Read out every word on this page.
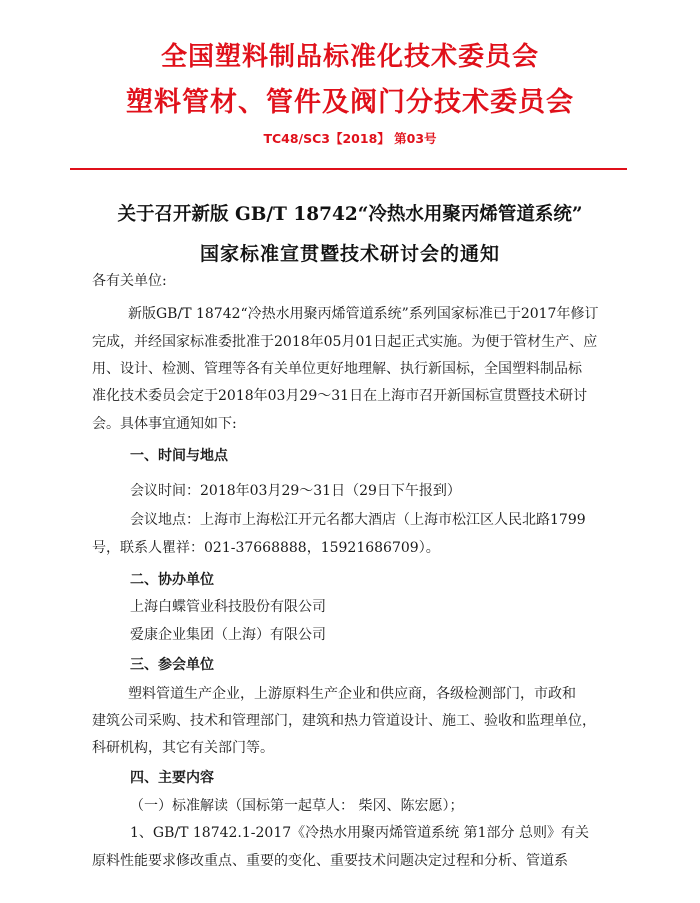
全国塑料制品标准化技术委员会
塑料管材、管件及阀门分技术委员会
TC48/SC3【2018】 第03号
关于召开新版 GB/T 18742“冷热水用聚丙烯管道系统”
国家标准宣贯暨技术研讨会的通知
各有关单位:
新版GB/T 18742“冷热水用聚丙烯管道系统”系列国家标准已于2017年修订
完成，并经国家标准委批准于2018年05月01日起正式实施。为便于管材生产、应
用、设计、检测、管理等各有关单位更好地理解、执行新国标，全国塑料制品标
准化技术委员会定于2018年03月29～31日在上海市召开新国标宣贯暨技术研讨
会。具体事宜通知如下:
一、时间与地点
会议时间：2018年03月29～31日（29日下午报到）
会议地点：上海市上海松江开元名都大酒店（上海市松江区人民北路1799
号，联系人瞿祥：021-37668888，15921686709）。
二、协办单位
上海白蝶管业科技股份有限公司
爱康企业集团（上海）有限公司
三、参会单位
塑料管道生产企业，上游原料生产企业和供应商，各级检测部门，市政和
建筑公司采购、技术和管理部门，建筑和热力管道设计、施工、验收和监理单位，
科研机构，其它有关部门等。
四、主要内容
（一）标准解读（国标第一起草人： 柴冈、陈宏愿）；
1、GB/T 18742.1-2017《冷热水用聚丙烯管道系统 第1部分 总则》有关
原料性能要求修改重点、重要的变化、重要技术问题决定过程和分析、管道系
